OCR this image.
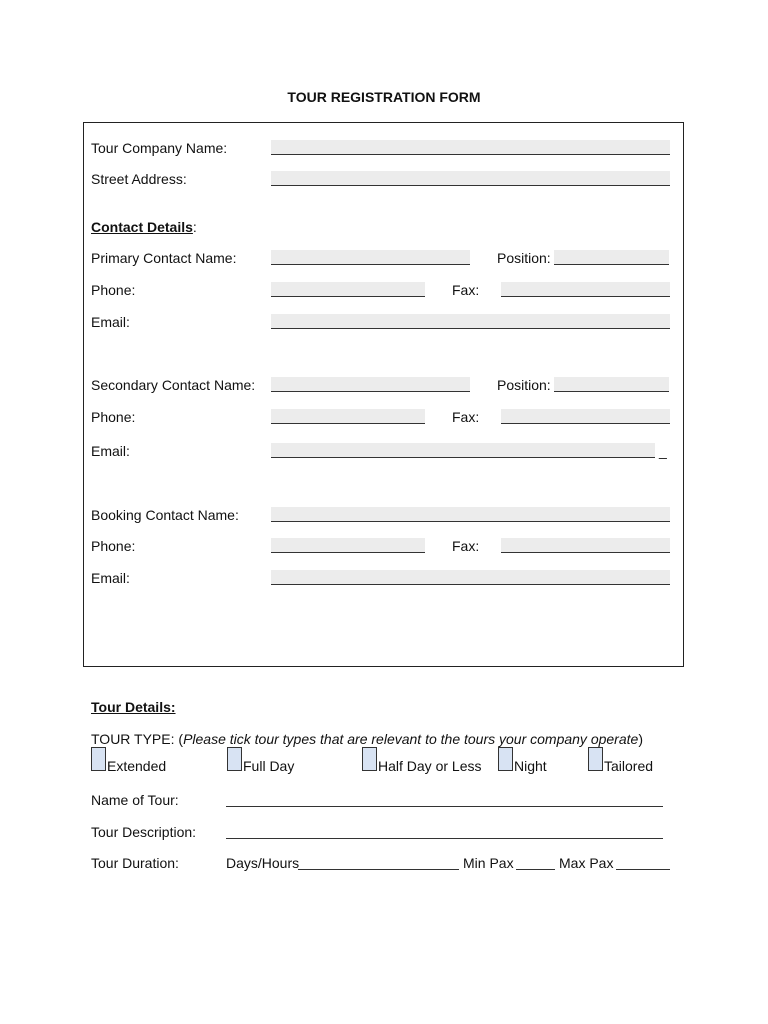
TOUR REGISTRATION FORM
Tour Company Name:
Street Address:
Contact Details:
Primary Contact Name:	Position:
Phone:	Fax:
Email:
Secondary Contact Name:	Position:
Phone:	Fax:
Email:	_
Booking Contact Name:
Phone:	Fax:
Email:
Tour Details:
TOUR TYPE: (Please tick tour types that are relevant to the tours your company operate)
Extended	Full Day	Half Day or Less Night	Tailored
Name of Tour:
Tour Description:
Tour Duration:	Days/Hours	Min Pax	Max Pax
